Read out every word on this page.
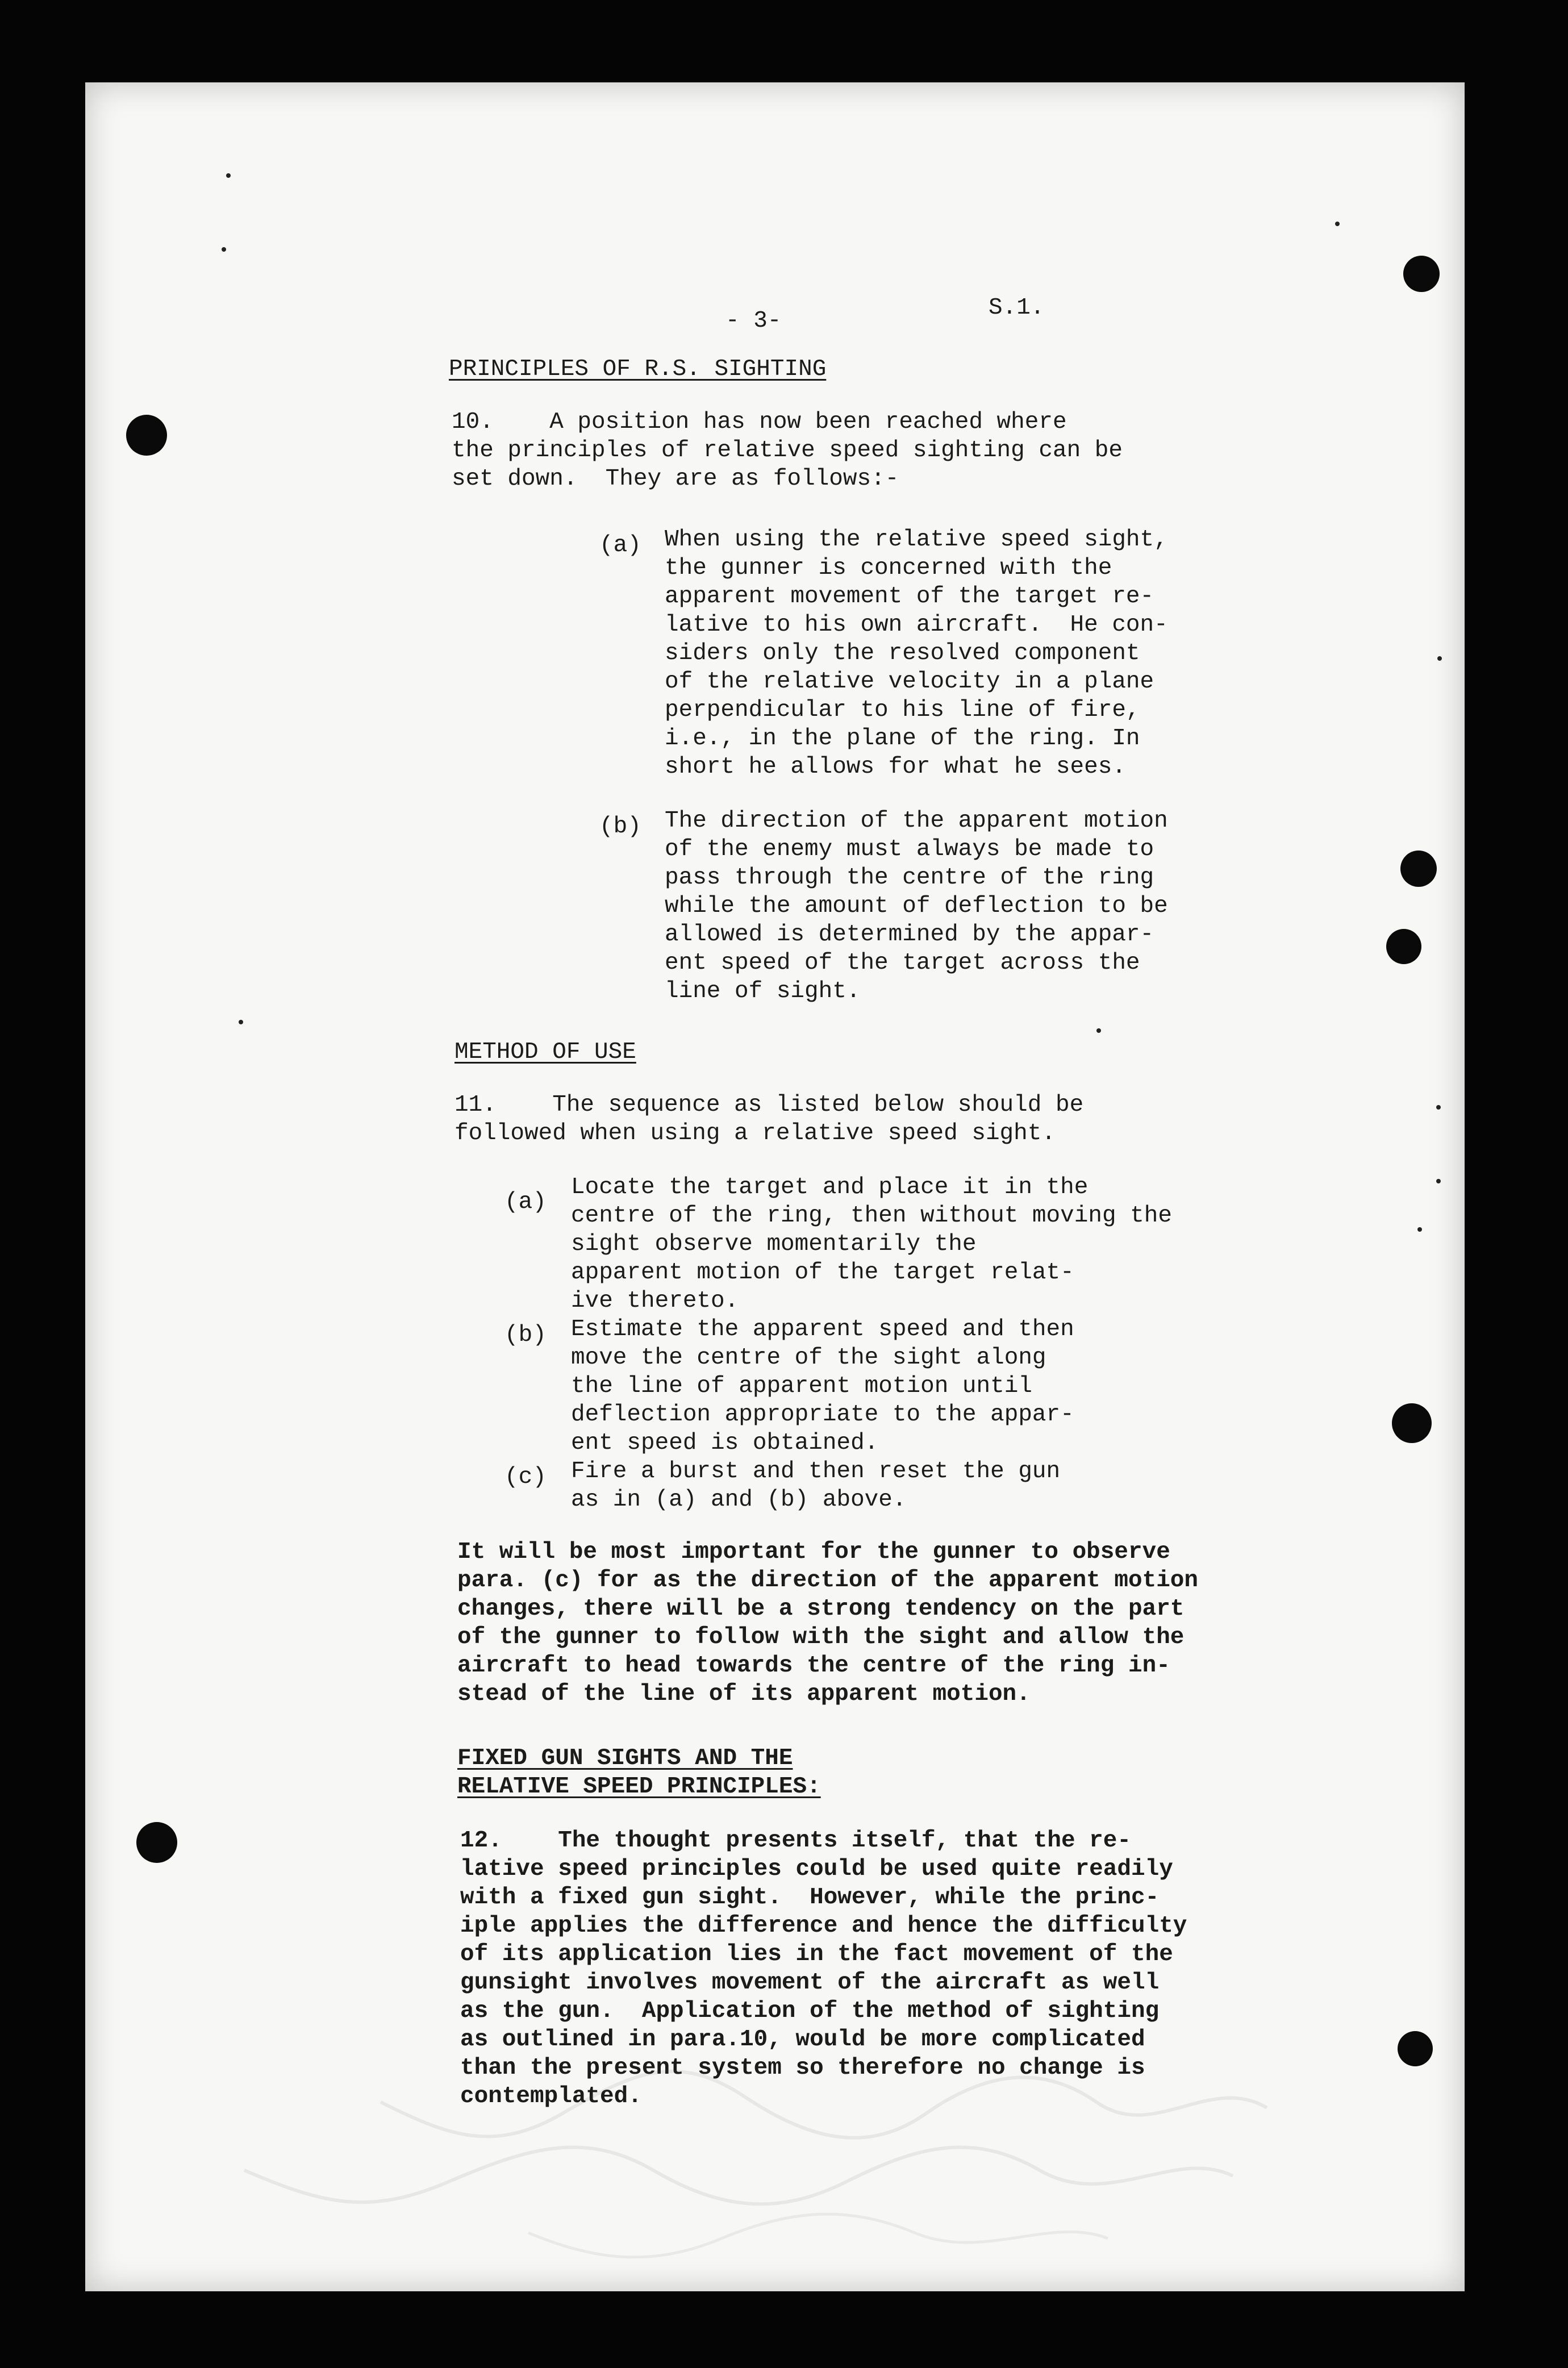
- 3-	S.1.
PRINCIPLES OF R.S. SIGHTING

10.    A position has now been reached where

the principles of relative speed sighting can be

set down.  They are as follows:-

(a) When using the relative speed sight,

the gunner is concerned with the

apparent movement of the target re-

lative to his own aircraft.  He con-

siders only the resolved component

of the relative velocity in a plane

perpendicular to his line of fire,

i.e., in the plane of the ring. In

short he allows for what he sees.

(b) The direction of the apparent motion

of the enemy must always be made to

pass through the centre of the ring

while the amount of deflection to be

allowed is determined by the appar-

ent speed of the target across the

line of sight.

METHOD OF USE

11.    The sequence as listed below should be

followed when using a relative speed sight.

(a)

Locate the target and place it in the

centre of the ring, then without moving the

sight observe momentarily the

apparent motion of the target relat-

ive thereto.

(b) Estimate the apparent speed and then

move the centre of the sight along

the line of apparent motion until

deflection appropriate to the appar-

ent speed is obtained.

(c) Fire a burst and then reset the gun

as in (a) and (b) above.

It will be most important for the gunner to observe

para. (c) for as the direction of the apparent motion

changes, there will be a strong tendency on the part

of the gunner to follow with the sight and allow the

aircraft to head towards the centre of the ring in-

stead of the line of its apparent motion.

FIXED GUN SIGHTS AND THE
RELATIVE SPEED PRINCIPLES:

12.    The thought presents itself, that the re-

lative speed principles could be used quite readily

with a fixed gun sight.  However, while the princ-

iple applies the difference and hence the difficulty

of its application lies in the fact movement of the

gunsight involves movement of the aircraft as well

as the gun.  Application of the method of sighting

as outlined in para.10, would be more complicated

than the present system so therefore no change is

contemplated.
